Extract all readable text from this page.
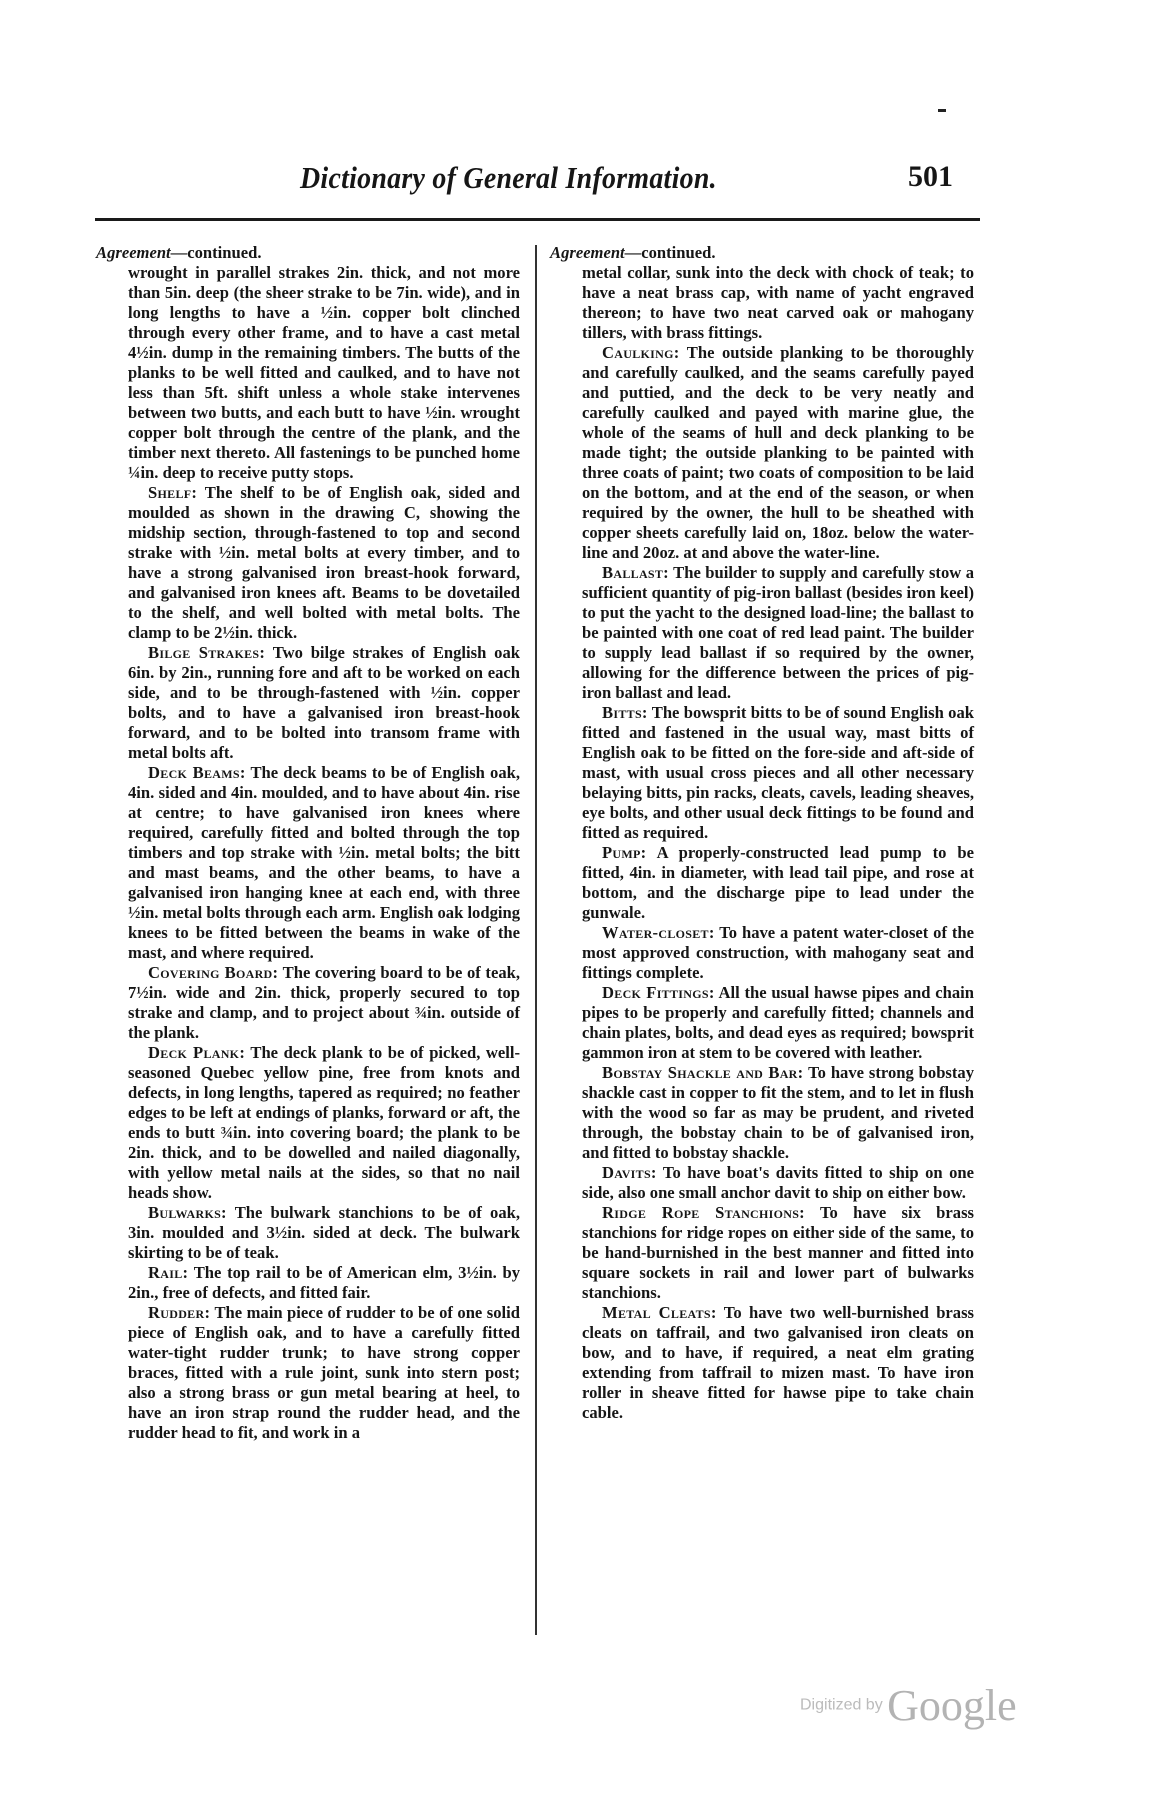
Dictionary of General Information.	501
Agreement—continued.

wrought in parallel strakes 2in. thick, and not more than 5in. deep (the sheer strake to be 7in. wide), and in long lengths to have a ½in. copper bolt clinched through every other frame, and to have a cast metal 4½in. dump in the remaining timbers. The butts of the planks to be well fitted and caulked, and to have not less than 5ft. shift unless a whole stake intervenes between two butts, and each butt to have ½in. wrought copper bolt through the centre of the plank, and the timber next thereto. All fastenings to be punched home ¼in. deep to receive putty stops.

Shelf: The shelf to be of English oak, sided and moulded as shown in the drawing C, showing the midship section, through-fastened to top and second strake with ½in. metal bolts at every timber, and to have a strong galvanised iron breast-hook forward, and galvanised iron knees aft. Beams to be dovetailed to the shelf, and well bolted with metal bolts. The clamp to be 2½in. thick.

Bilge Strakes: Two bilge strakes of English oak 6in. by 2in., running fore and aft to be worked on each side, and to be through-fastened with ½in. copper bolts, and to have a galvanised iron breast-hook forward, and to be bolted into transom frame with metal bolts aft.

Deck Beams: The deck beams to be of English oak, 4in. sided and 4in. moulded, and to have about 4in. rise at centre; to have galvanised iron knees where required, carefully fitted and bolted through the top timbers and top strake with ½in. metal bolts; the bitt and mast beams, and the other beams, to have a galvanised iron hanging knee at each end, with three ½in. metal bolts through each arm. English oak lodging knees to be fitted between the beams in wake of the mast, and where required.

Covering Board: The covering board to be of teak, 7½in. wide and 2in. thick, properly secured to top strake and clamp, and to project about ¾in. outside of the plank.

Deck Plank: The deck plank to be of picked, well-seasoned Quebec yellow pine, free from knots and defects, in long lengths, tapered as required; no feather edges to be left at endings of planks, forward or aft, the ends to butt ¾in. into covering board; the plank to be 2in. thick, and to be dowelled and nailed diagonally, with yellow metal nails at the sides, so that no nail heads show.

Bulwarks: The bulwark stanchions to be of oak, 3in. moulded and 3½in. sided at deck. The bulwark skirting to be of teak.

Rail: The top rail to be of American elm, 3½in. by 2in., free of defects, and fitted fair.

Rudder: The main piece of rudder to be of one solid piece of English oak, and to have a carefully fitted water-tight rudder trunk; to have strong copper braces, fitted with a rule joint, sunk into stern post; also a strong brass or gun metal bearing at heel, to have an iron strap round the rudder head, and the rudder head to fit, and work in a

Agreement—continued.

metal collar, sunk into the deck with chock of teak; to have a neat brass cap, with name of yacht engraved thereon; to have two neat carved oak or mahogany tillers, with brass fittings.

Caulking: The outside planking to be thoroughly and carefully caulked, and the seams carefully payed and puttied, and the deck to be very neatly and carefully caulked and payed with marine glue, the whole of the seams of hull and deck planking to be made tight; the outside planking to be painted with three coats of paint; two coats of composition to be laid on the bottom, and at the end of the season, or when required by the owner, the hull to be sheathed with copper sheets carefully laid on, 18oz. below the water-line and 20oz. at and above the water-line.

Ballast: The builder to supply and carefully stow a sufficient quantity of pig-iron ballast (besides iron keel) to put the yacht to the designed load-line; the ballast to be painted with one coat of red lead paint. The builder to supply lead ballast if so required by the owner, allowing for the difference between the prices of pig-iron ballast and lead.

Bitts: The bowsprit bitts to be of sound English oak fitted and fastened in the usual way, mast bitts of English oak to be fitted on the fore-side and aft-side of mast, with usual cross pieces and all other necessary belaying bitts, pin racks, cleats, cavels, leading sheaves, eye bolts, and other usual deck fittings to be found and fitted as required.

Pump: A properly-constructed lead pump to be fitted, 4in. in diameter, with lead tail pipe, and rose at bottom, and the discharge pipe to lead under the gunwale.

Water-closet: To have a patent water-closet of the most approved construction, with mahogany seat and fittings complete.

Deck Fittings: All the usual hawse pipes and chain pipes to be properly and carefully fitted; channels and chain plates, bolts, and dead eyes as required; bowsprit gammon iron at stem to be covered with leather.

Bobstay Shackle and Bar: To have strong bobstay shackle cast in copper to fit the stem, and to let in flush with the wood so far as may be prudent, and riveted through, the bobstay chain to be of galvanised iron, and fitted to bobstay shackle.

Davits: To have boat's davits fitted to ship on one side, also one small anchor davit to ship on either bow.

Ridge Rope Stanchions: To have six brass stanchions for ridge ropes on either side of the same, to be hand-burnished in the best manner and fitted into square sockets in rail and lower part of bulwarks stanchions.

Metal Cleats: To have two well-burnished brass cleats on taffrail, and two galvanised iron cleats on bow, and to have, if required, a neat elm grating extending from taffrail to mizen mast. To have iron roller in sheave fitted for hawse pipe to take chain cable.

Digitized by Google
